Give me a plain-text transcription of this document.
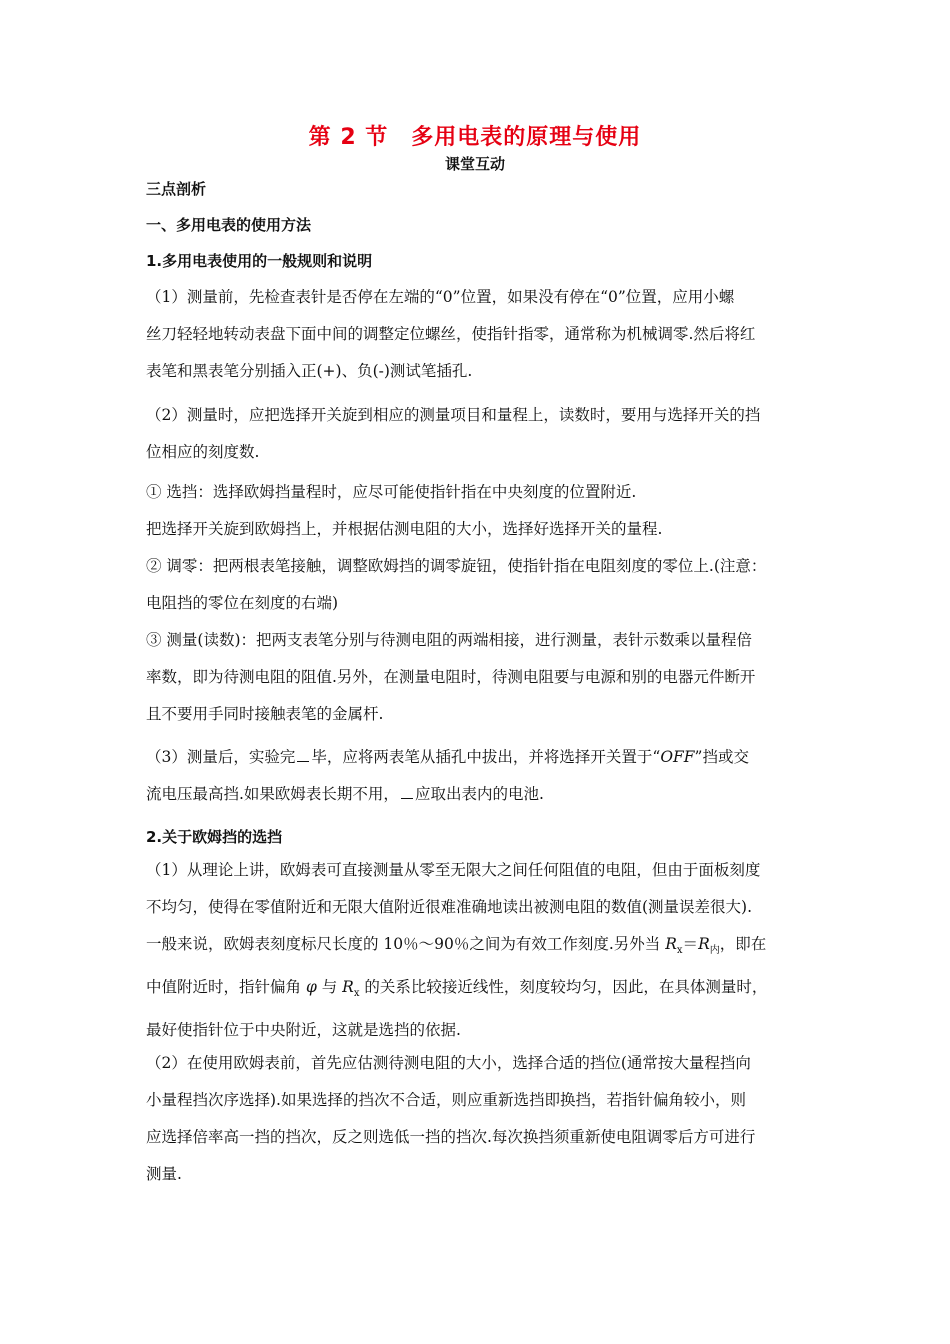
第 2 节　多用电表的原理与使用
课堂互动
三点剖析
一、多用电表的使用方法
1.多用电表使用的一般规则和说明
（1）测量前，先检查表针是否停在左端的“0”位置，如果没有停在“0”位置，应用小螺
丝刀轻轻地转动表盘下面中间的调整定位螺丝，使指针指零，通常称为机械调零.然后将红
表笔和黑表笔分别插入正(+)、负(-)测试笔插孔.
（2）测量时，应把选择开关旋到相应的测量项目和量程上，读数时，要用与选择开关的挡
位相应的刻度数.
① 选挡：选择欧姆挡量程时，应尽可能使指针指在中央刻度的位置附近.
把选择开关旋到欧姆挡上，并根据估测电阻的大小，选择好选择开关的量程.
② 调零：把两根表笔接触，调整欧姆挡的调零旋钮，使指针指在电阻刻度的零位上.(注意：
电阻挡的零位在刻度的右端)
③ 测量(读数)：把两支表笔分别与待测电阻的两端相接，进行测量，表针示数乘以量程倍
率数，即为待测电阻的阻值.另外，在测量电阻时，待测电阻要与电源和别的电器元件断开
且不要用手同时接触表笔的金属杆.
（3）测量后，实验完 毕，应将两表笔从插孔中拔出，并将选择开关置于“OFF”挡或交
流电压最高挡.如果欧姆表长期不用， 应取出表内的电池.
2.关于欧姆挡的选挡
（1）从理论上讲，欧姆表可直接测量从零至无限大之间任何阻值的电阻，但由于面板刻度
不均匀，使得在零值附近和无限大值附近很难准确地读出被测电阻的数值(测量误差很大).
一般来说，欧姆表刻度标尺长度的 10％～90％之间为有效工作刻度.另外当 $R_x=R_内$，即在
中值附近时，指针偏角 φ 与 $R_x$ 的关系比较接近线性，刻度较均匀，因此，在具体测量时，
最好使指针位于中央附近，这就是选挡的依据.
（2）在使用欧姆表前，首先应估测待测电阻的大小，选择合适的挡位(通常按大量程挡向
小量程挡次序选择).如果选择的挡次不合适，则应重新选挡即换挡，若指针偏角较小，则
应选择倍率高一挡的挡次，反之则选低一挡的挡次.每次换挡须重新使电阻调零后方可进行
测量.
